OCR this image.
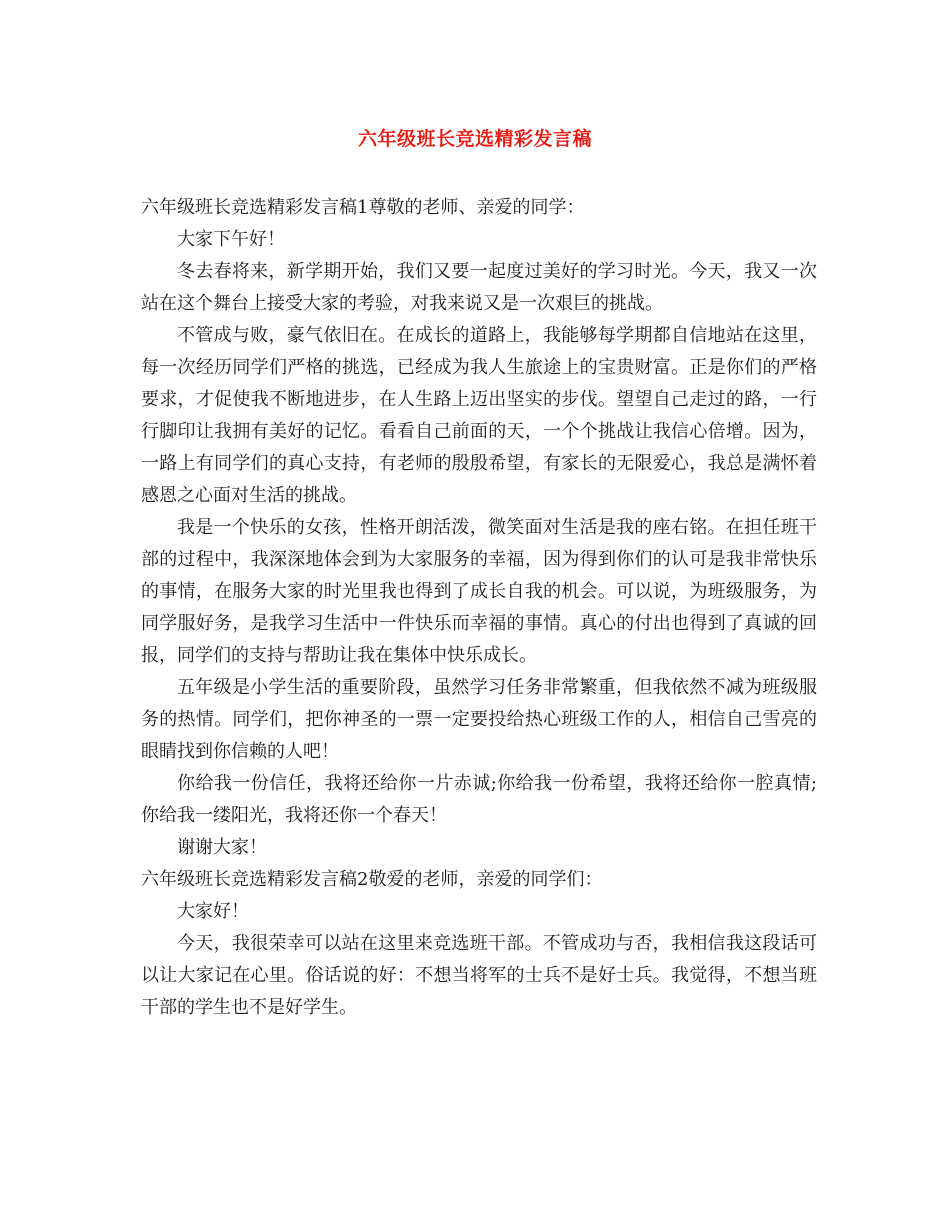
六年级班长竞选精彩发言稿

六年级班长竞选精彩发言稿1尊敬的老师、亲爱的同学：

大家下午好！

冬去春将来，新学期开始，我们又要一起度过美好的学习时光。今天，我又一次站在这个舞台上接受大家的考验，对我来说又是一次艰巨的挑战。

不管成与败，豪气依旧在。在成长的道路上，我能够每学期都自信地站在这里，每一次经历同学们严格的挑选，已经成为我人生旅途上的宝贵财富。正是你们的严格要求，才促使我不断地进步，在人生路上迈出坚实的步伐。望望自己走过的路，一行行脚印让我拥有美好的记忆。看看自己前面的天，一个个挑战让我信心倍增。因为，一路上有同学们的真心支持，有老师的殷殷希望，有家长的无限爱心，我总是满怀着感恩之心面对生活的挑战。

我是一个快乐的女孩，性格开朗活泼，微笑面对生活是我的座右铭。在担任班干部的过程中，我深深地体会到为大家服务的幸福，因为得到你们的认可是我非常快乐的事情，在服务大家的时光里我也得到了成长自我的机会。可以说，为班级服务，为同学服好务，是我学习生活中一件快乐而幸福的事情。真心的付出也得到了真诚的回报，同学们的支持与帮助让我在集体中快乐成长。

五年级是小学生活的重要阶段，虽然学习任务非常繁重，但我依然不减为班级服务的热情。同学们，把你神圣的一票一定要投给热心班级工作的人，相信自己雪亮的眼睛找到你信赖的人吧！

你给我一份信任，我将还给你一片赤诚;你给我一份希望，我将还给你一腔真情;你给我一缕阳光，我将还你一个春天！

谢谢大家！

六年级班长竞选精彩发言稿2敬爱的老师，亲爱的同学们：

大家好！

今天，我很荣幸可以站在这里来竞选班干部。不管成功与否，我相信我这段话可以让大家记在心里。俗话说的好：不想当将军的士兵不是好士兵。我觉得，不想当班干部的学生也不是好学生。
